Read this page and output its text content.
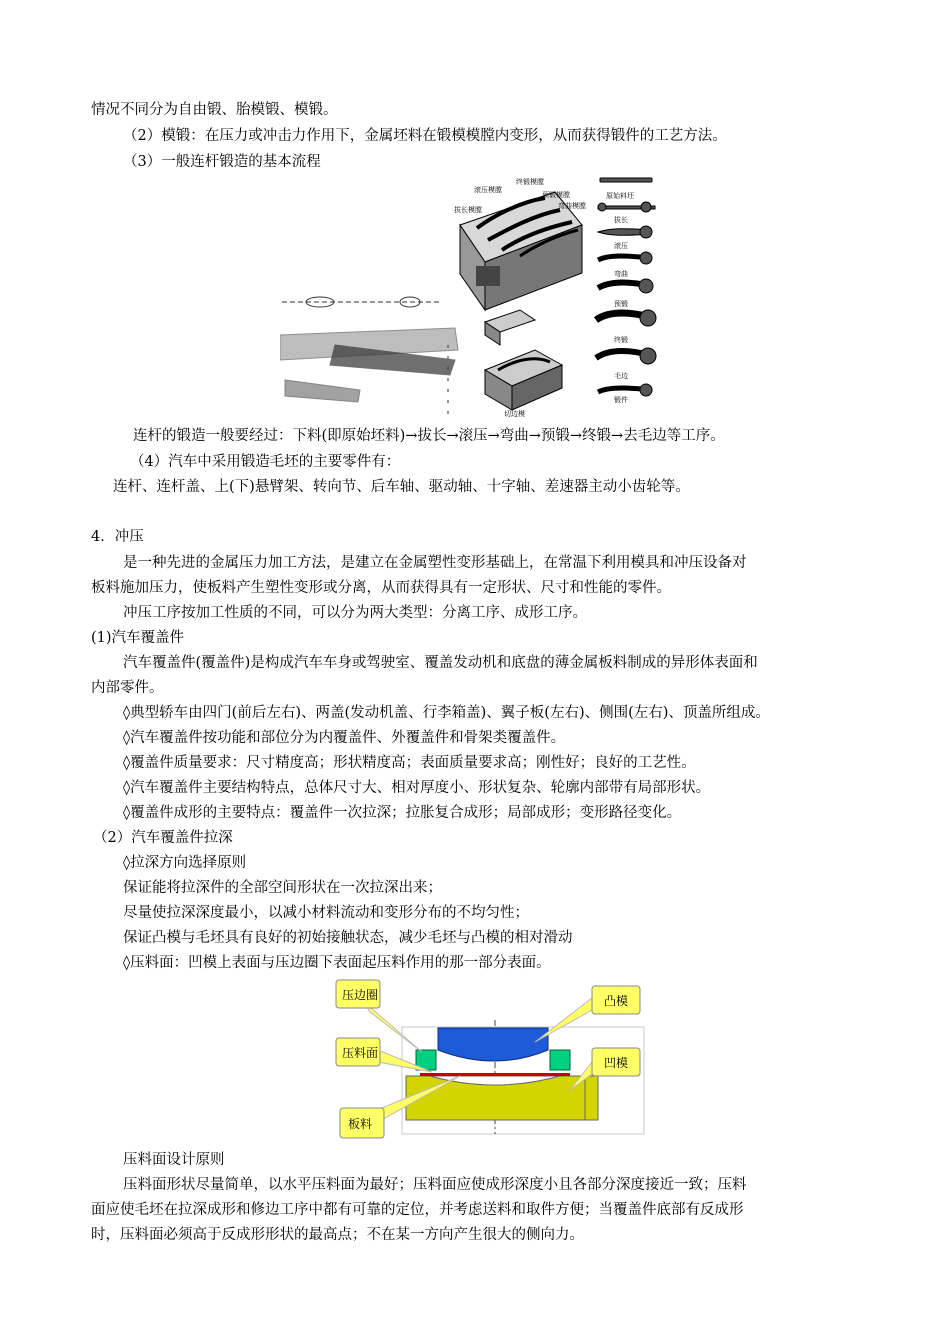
情况不同分为自由锻、胎模锻、模锻。
（2）模锻：在压力或冲击力作用下，金属坯料在锻模模膛内变形，从而获得锻件的工艺方法。
（3）一般连杆锻造的基本流程
滚压模膛
终锻模膛
预锻模膛
弯曲模膛
拔长模膛
切边模
原始料坯
拔长
滚压
弯曲
预锻
终锻
毛边
锻件
连杆的锻造一般要经过：下料(即原始坯料)→拔长→滚压→弯曲→预锻→终锻→去毛边等工序。
（4）汽车中采用锻造毛坯的主要零件有：
连杆、连杆盖、上(下)悬臂架、转向节、后车轴、驱动轴、十字轴、差速器主动小齿轮等。
4．冲压
是一种先进的金属压力加工方法，是建立在金属塑性变形基础上，在常温下利用模具和冲压设备对
板料施加压力，使板料产生塑性变形或分离，从而获得具有一定形状、尺寸和性能的零件。
冲压工序按加工性质的不同，可以分为两大类型：分离工序、成形工序。
(1)汽车覆盖件
汽车覆盖件(覆盖件)是构成汽车车身或驾驶室、覆盖发动机和底盘的薄金属板料制成的异形体表面和
内部零件。
◊典型轿车由四门(前后左右)、两盖(发动机盖、行李箱盖)、翼子板(左右)、侧围(左右)、顶盖所组成。
◊汽车覆盖件按功能和部位分为内覆盖件、外覆盖件和骨架类覆盖件。
◊覆盖件质量要求：尺寸精度高；形状精度高；表面质量要求高；刚性好；良好的工艺性。
◊汽车覆盖件主要结构特点，总体尺寸大、相对厚度小、形状复杂、轮廓内部带有局部形状。
◊覆盖件成形的主要特点：覆盖件一次拉深；拉胀复合成形；局部成形；变形路径变化。
（2）汽车覆盖件拉深
◊拉深方向选择原则
保证能将拉深件的全部空间形状在一次拉深出来；
尽量使拉深深度最小，以减小材料流动和变形分布的不均匀性；
保证凸模与毛坯具有良好的初始接触状态，减少毛坯与凸模的相对滑动
◊压料面：凹模上表面与压边圈下表面起压料作用的那一部分表面。
压边圈
压料面
凸模
凹模
板料
压料面设计原则
压料面形状尽量简单，以水平压料面为最好；压料面应使成形深度小且各部分深度接近一致；压料
面应使毛坯在拉深成形和修边工序中都有可靠的定位，并考虑送料和取件方便；当覆盖件底部有反成形
时，压料面必须高于反成形形状的最高点；不在某一方向产生很大的侧向力。
